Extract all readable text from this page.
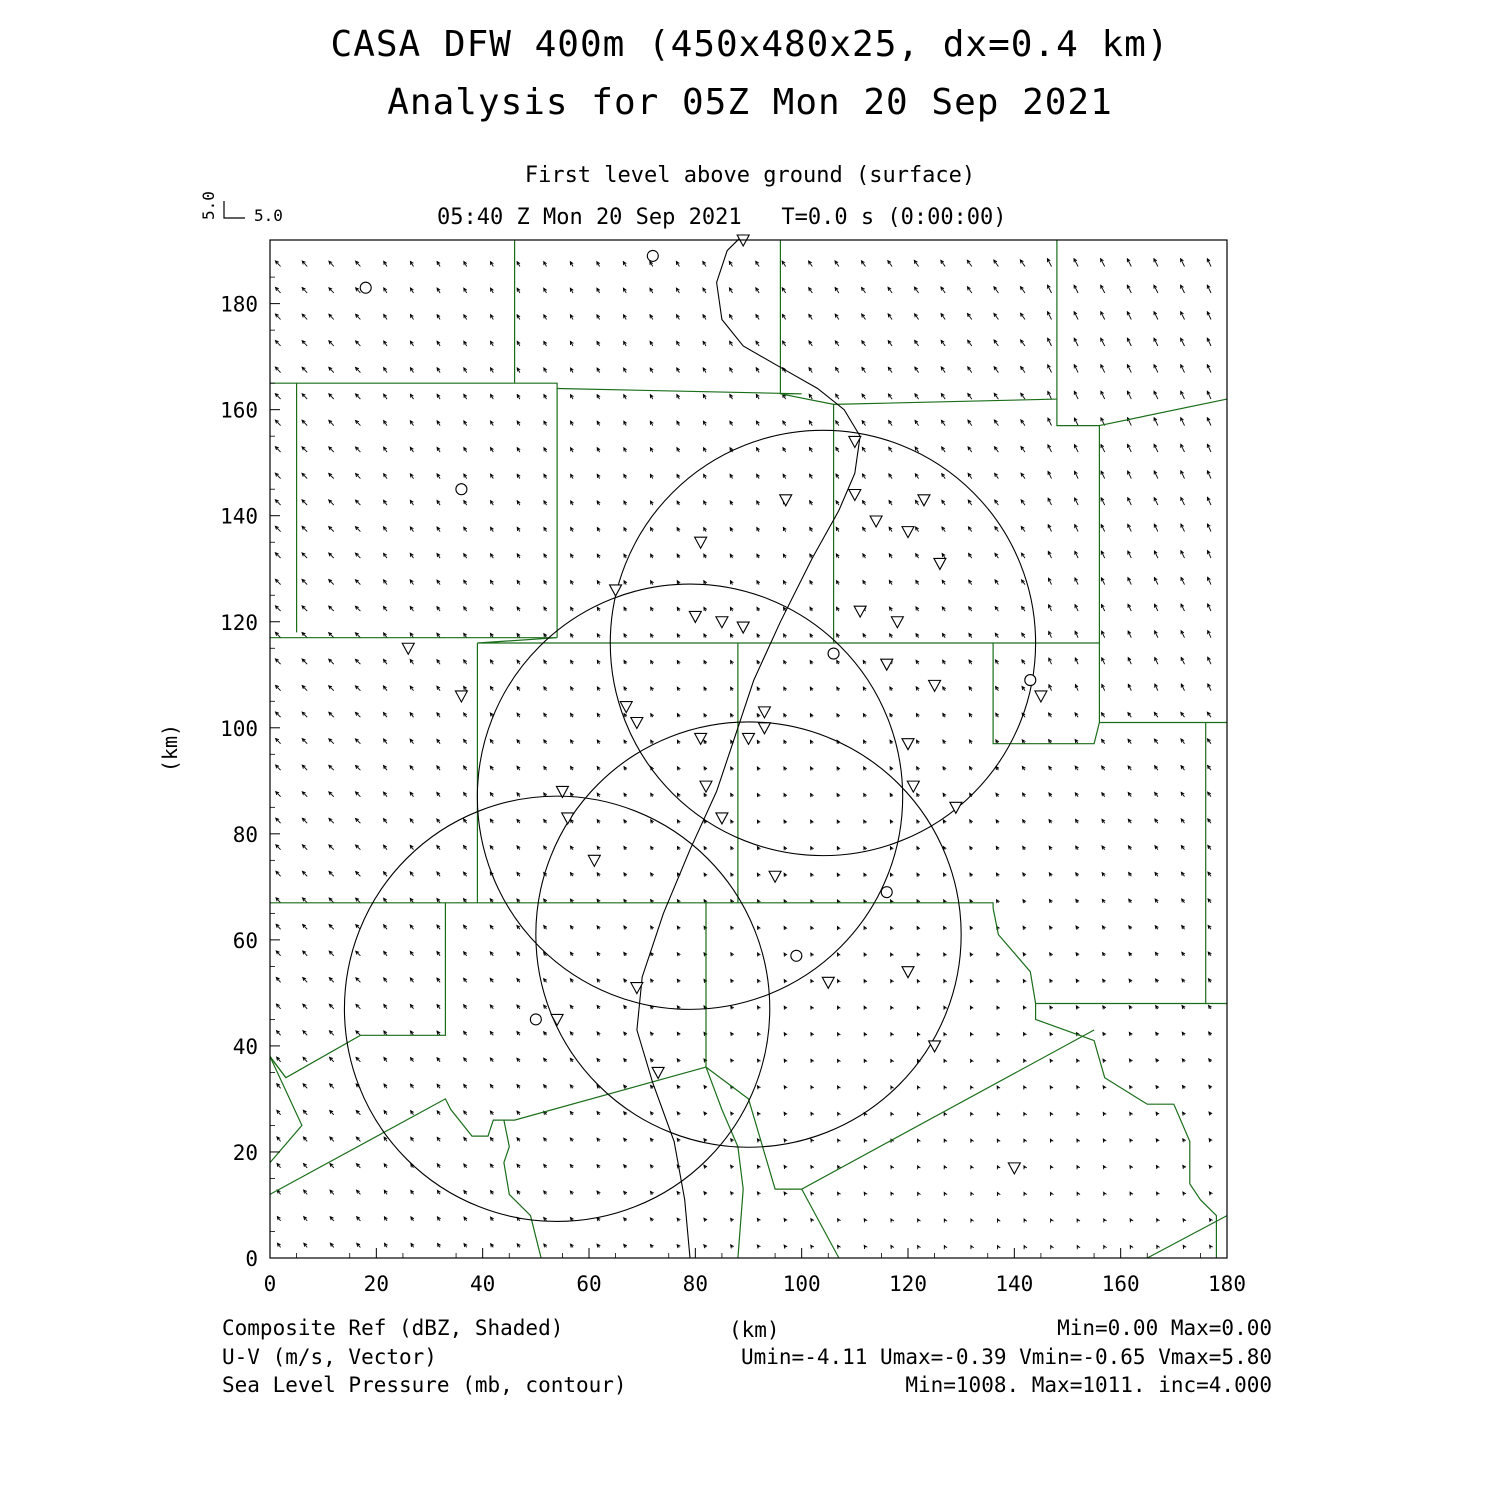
CASA DFW 400m (450x480x25, dx=0.4 km)
Analysis for 05Z Mon 20 Sep 2021
First level above ground (surface)
05:40 Z Mon 20 Sep 2021   T=0.0 s (0:00:00)
0	20	40	60	80	100	120	140	160	180
0
20
40
60
80
100
120
140
160
180
5.0
5.0
(km)
Composite Ref (dBZ, Shaded)	(km)	Min=0.00 Max=0.00
U-V (m/s, Vector)	Umin=-4.11 Umax=-0.39 Vmin=-0.65 Vmax=5.80
Sea Level Pressure (mb, contour)	Min=1008. Max=1011. inc=4.000
